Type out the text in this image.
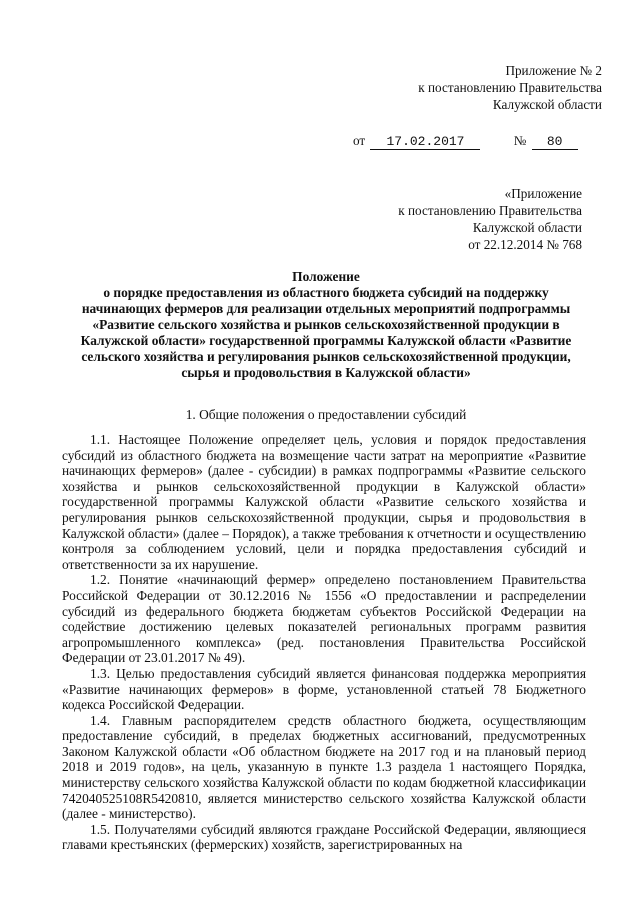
Приложение № 2
к постановлению Правительства
Калужской области
от 17.02.2017	№ 80
«Приложение
к постановлению Правительства
Калужской области
от 22.12.2014 № 768
Положение
о порядке предоставления из областного бюджета субсидий на поддержку начинающих фермеров для реализации отдельных мероприятий подпрограммы «Развитие сельского хозяйства и рынков сельскохозяйственной продукции в Калужской области» государственной программы Калужской области «Развитие сельского хозяйства и регулирования рынков сельскохозяйственной продукции, сырья и продовольствия в Калужской области»
1. Общие положения о предоставлении субсидий

1.1. Настоящее Положение определяет цель, условия и порядок предоставления субсидий из областного бюджета на возмещение части затрат на мероприятие «Развитие начинающих фермеров» (далее - субсидии) в рамках подпрограммы «Развитие сельского хозяйства и рынков сельскохозяйственной продукции в Калужской области» государственной программы Калужской области «Развитие сельского хозяйства и регулирования рынков сельскохозяйственной продукции, сырья и продовольствия в Калужской области» (далее – Порядок), а также требования к отчетности и осуществлению контроля за соблюдением условий, цели и порядка предоставления субсидий и ответственности за их нарушение.

1.2. Понятие «начинающий фермер» определено постановлением Правительства Российской Федерации от 30.12.2016 № 1556 «О предоставлении и распределении субсидий из федерального бюджета бюджетам субъектов Российской Федерации на содействие достижению целевых показателей региональных программ развития агропромышленного комплекса» (ред. постановления Правительства Российской Федерации от 23.01.2017 № 49).

1.3. Целью предоставления субсидий является финансовая поддержка мероприятия «Развитие начинающих фермеров» в форме, установленной статьей 78 Бюджетного кодекса Российской Федерации.

1.4. Главным распорядителем средств областного бюджета, осуществляющим предоставление субсидий, в пределах бюджетных ассигнований, предусмотренных Законом Калужской области «Об областном бюджете на 2017 год и на плановый период 2018 и 2019 годов», на цель, указанную в пункте 1.3 раздела 1 настоящего Порядка, министерству сельского хозяйства Калужской области по кодам бюджетной классификации 742040525108R5420810, является министерство сельского хозяйства Калужской области (далее - министерство).

1.5. Получателями субсидий являются граждане Российской Федерации, являющиеся главами крестьянских (фермерских) хозяйств, зарегистрированных на
